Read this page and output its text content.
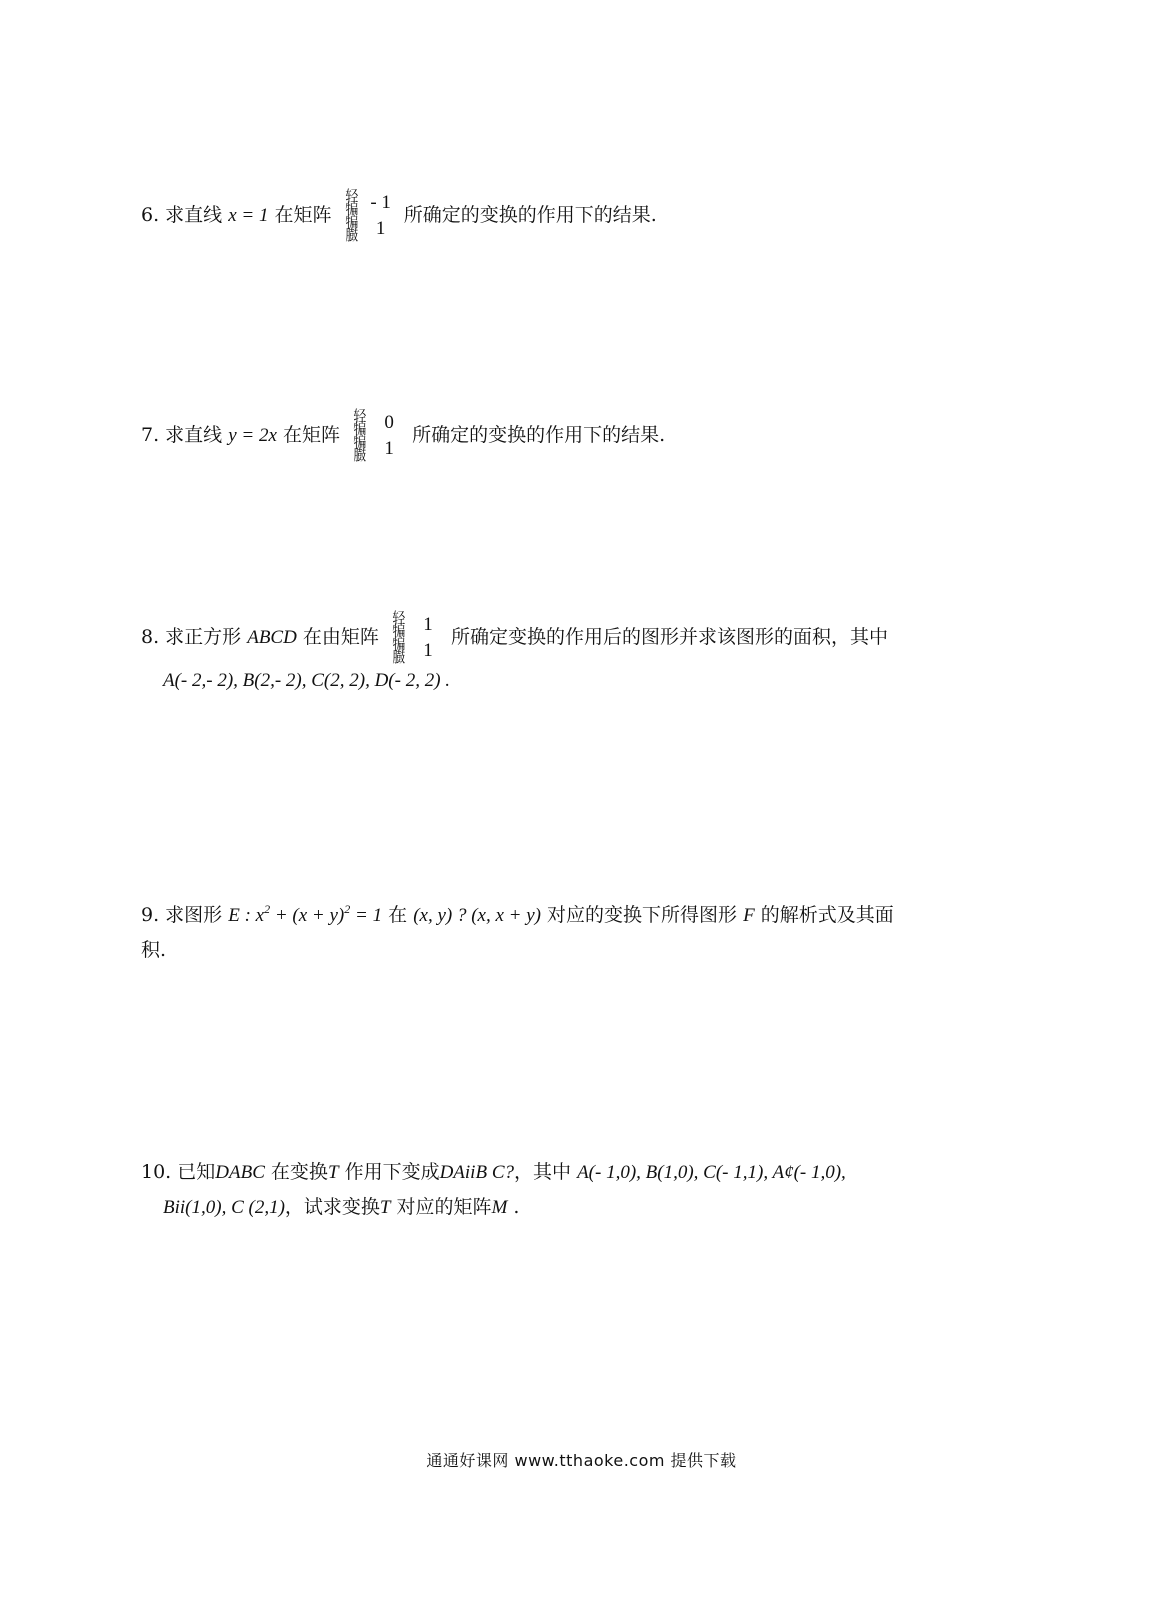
6. 求直线 x = 1 在矩阵 轻
犏
犏
臌
- 1
1
所确定的变换的作用下的结果.
7. 求直线 y = 2x 在矩阵 轻
犏
犏
臌
0
1
所确定的变换的作用下的结果.
8. 求正方形 ABCD 在由矩阵 轻
犏
犏
臌
1
1
所确定变换的作用后的图形并求该图形的面积，其中
A(- 2,- 2), B(2,- 2), C(2, 2), D(- 2, 2) .
9. 求图形 E : $x^2 + (x + y)^2 = 1$ 在 (x, y) ? (x, x + y) 对应的变换下所得图形 F 的解析式及其面
积.
10. 已知DABC 在变换T 作用下变成DAiiB C?，其中 A(- 1,0), B(1,0), C(- 1,1), A¢(- 1,0),
Bii(1,0), C (2,1)，试求变换T 对应的矩阵M .
通通好课网 www.tthaoke.com 提供下载
